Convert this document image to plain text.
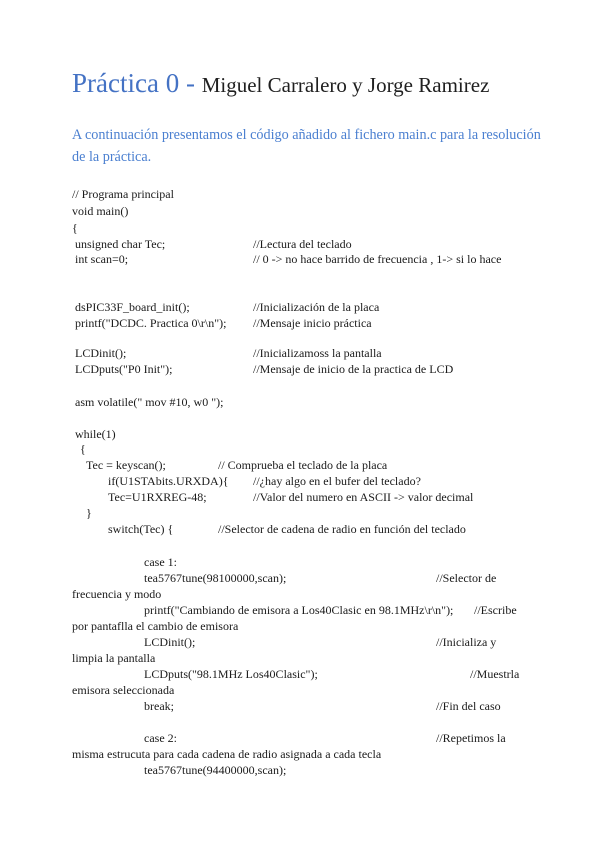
Práctica 0 - Miguel Carralero y Jorge Ramirez
A continuación presentamos el código añadido al fichero main.c para la resolución de la práctica.
// Programa principal
void main()
{
unsigned char Tec;	//Lectura del teclado
int scan=0;	// 0 -> no hace barrido de frecuencia , 1-> si lo hace
dsPIC33F_board_init();	//Inicialización de la placa
printf("DCDC. Practica 0\r\n"); //Mensaje inicio práctica
LCDinit();	//Inicializamoss la pantalla
LCDputs("P0 Init");	//Mensaje de inicio de la practica de LCD
asm volatile(" mov #10, w0 ");
while(1)
{
Tec = keyscan();	// Comprueba el teclado de la placa
if(U1STAbits.URXDA){ //¿hay algo en el bufer del teclado?
Tec=U1RXREG-48;	//Valor del numero en ASCII -> valor decimal
}
switch(Tec) {	//Selector de cadena de radio en función del teclado
case 1:
tea5767tune(98100000,scan);	//Selector de
frecuencia y modo
printf("Cambiando de emisora a Los40Clasic en 98.1MHz\r\n"); //Escribe
por pantaflla el cambio de emisora
LCDinit();	//Inicializa y
limpia la pantalla
LCDputs("98.1MHz Los40Clasic");	//Muestrla
emisora seleccionada
break;	//Fin del caso
case 2:	//Repetimos la
misma estrucuta para cada cadena de radio asignada a cada tecla
tea5767tune(94400000,scan);
